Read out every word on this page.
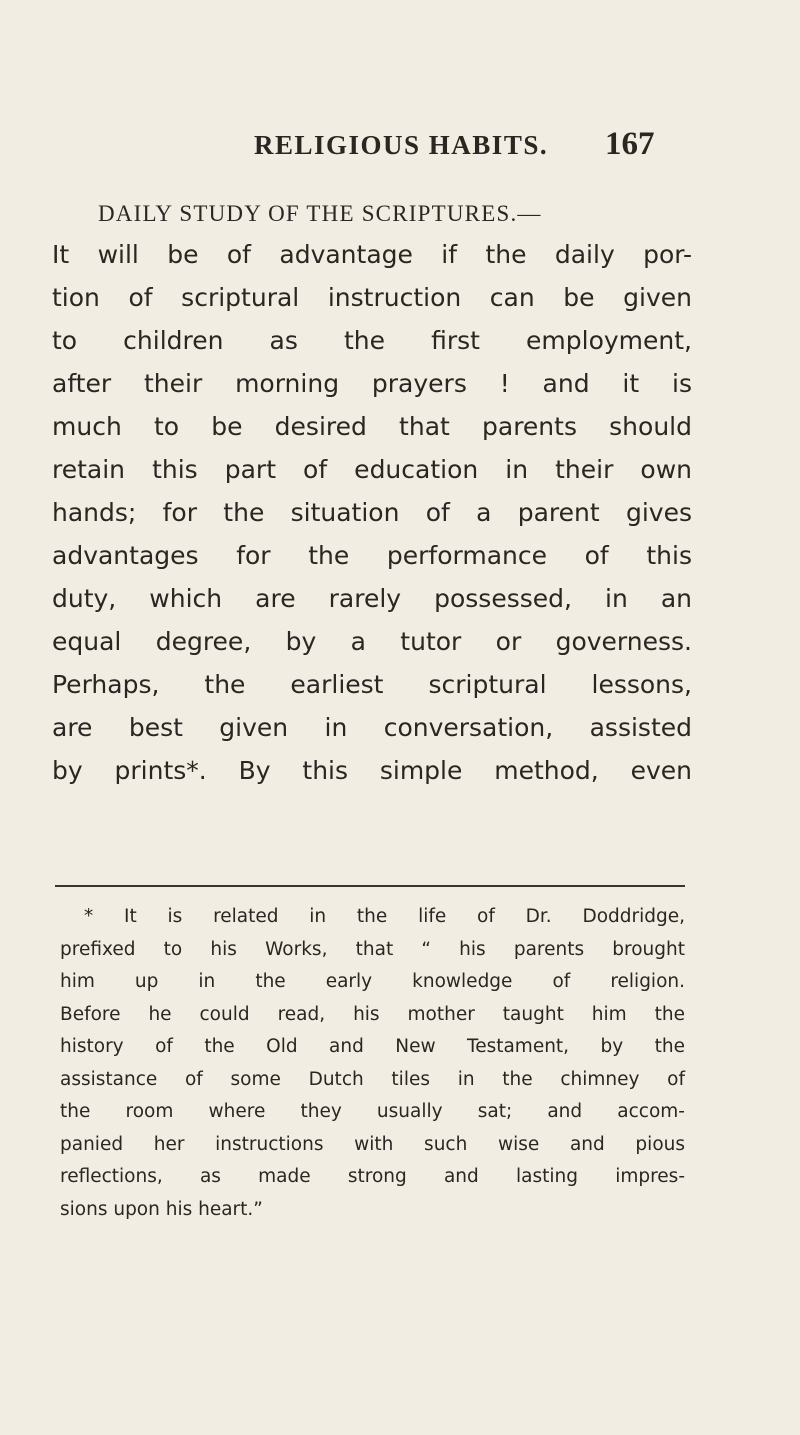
RELIGIOUS HABITS. 167
DAILY STUDY OF THE SCRIPTURES.—
It will be of advantage if the daily por-
tion of scriptural instruction can be given
to children as the first employment,
after their morning prayers ! and it is
much to be desired that parents should
retain this part of education in their own
hands; for the situation of a parent gives
advantages for the performance of this
duty, which are rarely possessed, in an
equal degree, by a tutor or governess.
Perhaps, the earliest scriptural lessons,
are best given in conversation, assisted
by prints*. By this simple method, even
* It is related in the life of Dr. Doddridge,
prefixed to his Works, that “ his parents brought
him up in the early knowledge of religion.
Before he could read, his mother taught him the
history of the Old and New Testament, by the
assistance of some Dutch tiles in the chimney of
the room where they usually sat; and accom-
panied her instructions with such wise and pious
reflections, as made strong and lasting impres-
sions upon his heart.”
